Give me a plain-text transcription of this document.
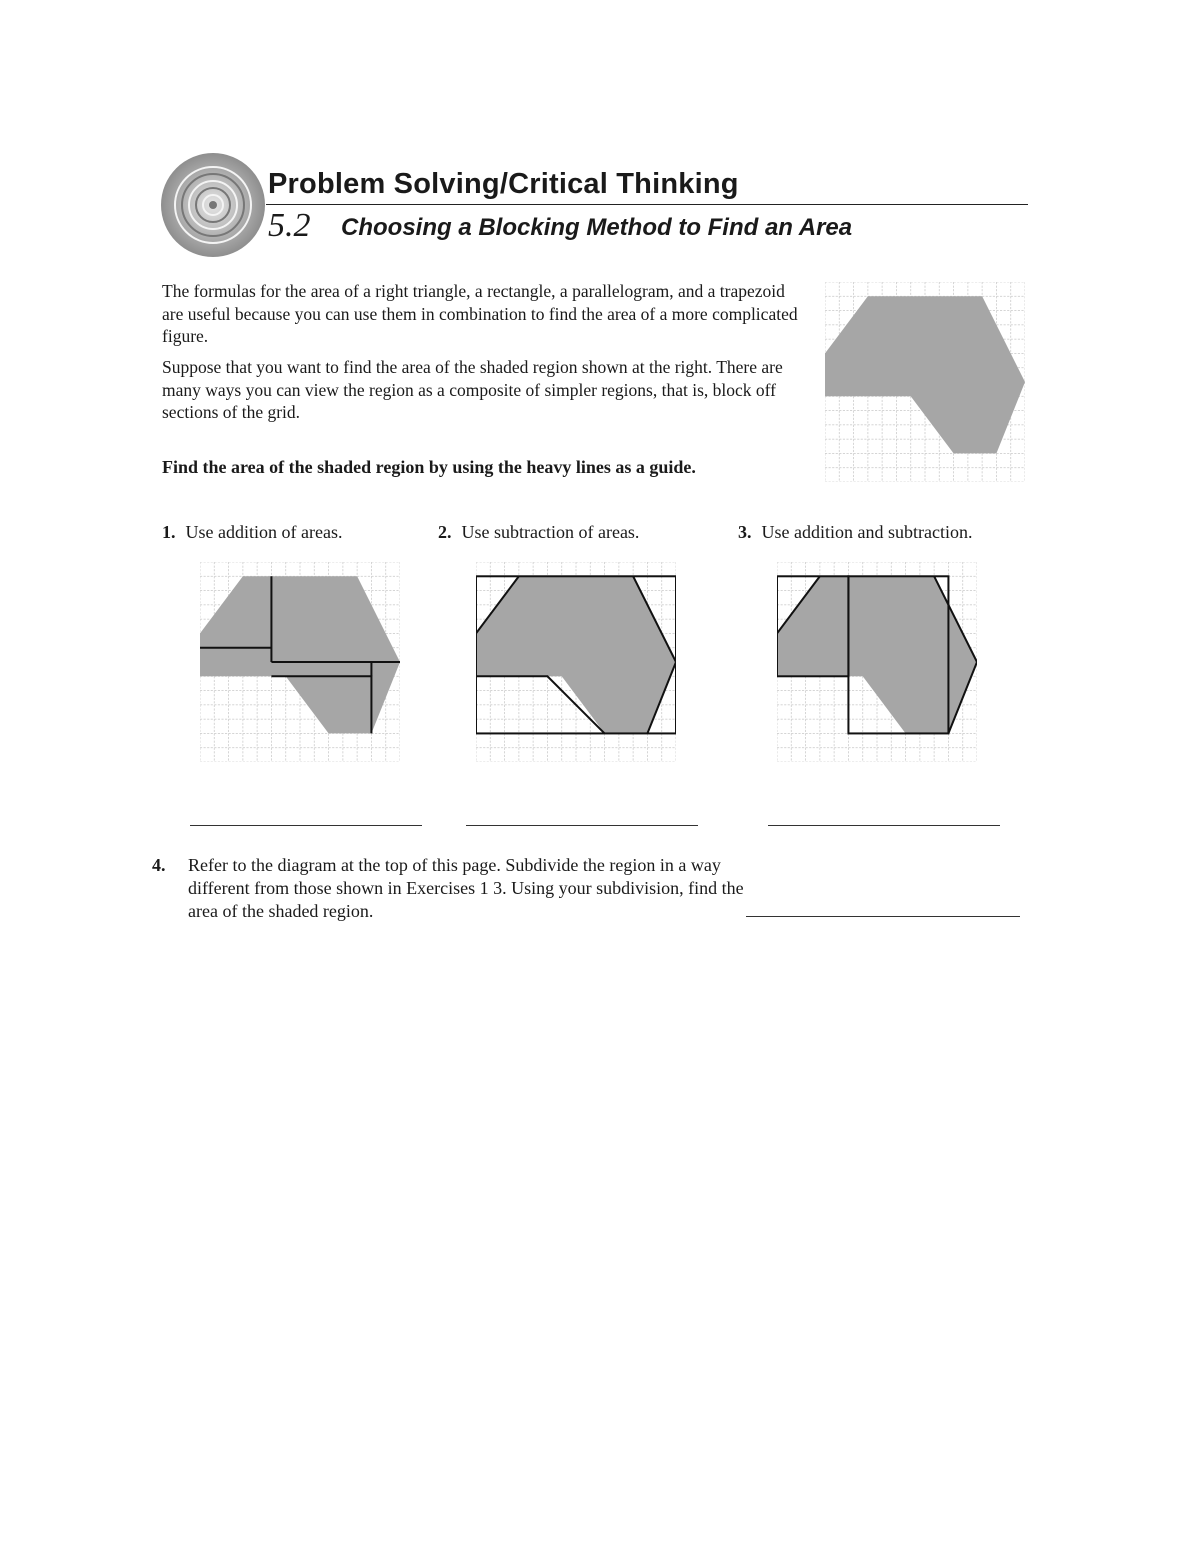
Problem Solving/Critical Thinking
5.2 Choosing a Blocking Method to Find an Area
The formulas for the area of a right triangle, a rectangle, a parallelogram, and a trapezoid are useful because you can use them in combination to find the area of a more complicated figure.
Suppose that you want to find the area of the shaded region shown at the right. There are many ways you can view the region as a composite of simpler regions, that is, block off sections of the grid.
Find the area of the shaded region by using the heavy lines as a guide.
1. Use addition of areas.	2. Use subtraction of areas.	3. Use addition and subtraction.
4. Refer to the diagram at the top of this page. Subdivide the region in a way different from those shown in Exercises 1 3. Using your subdivision, find the area of the shaded region.
